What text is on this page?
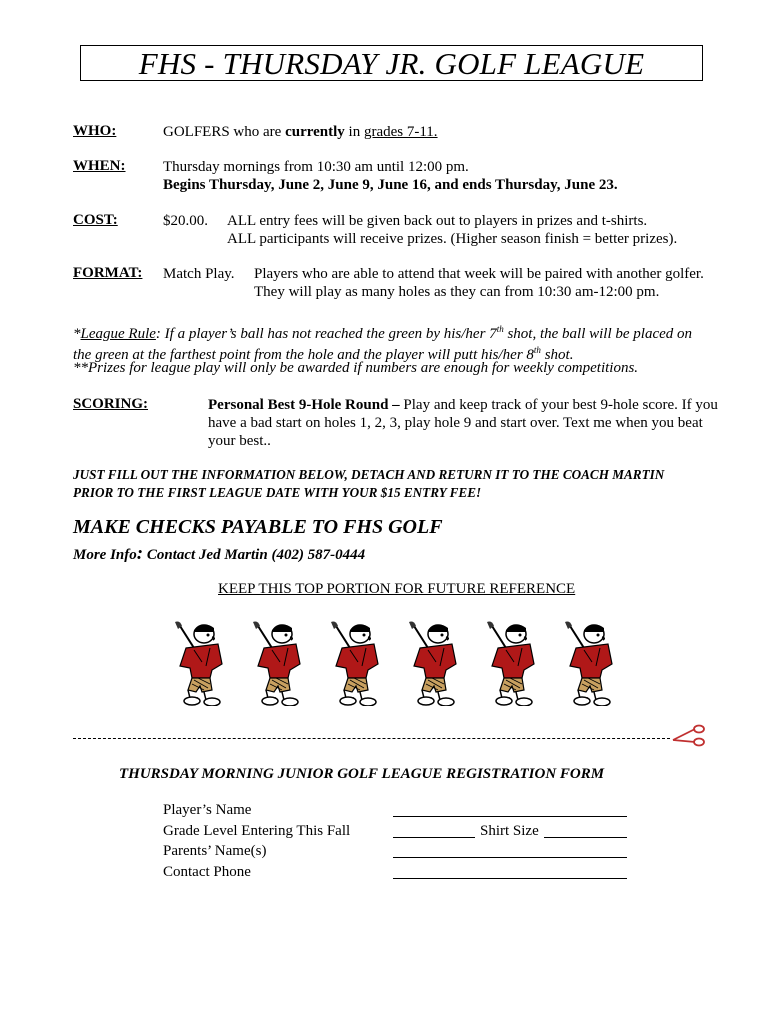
FHS - THURSDAY JR. GOLF LEAGUE
WHO:	GOLFERS who are currently in grades 7-11.
WHEN:	Thursday mornings from 10:30 am until 12:00 pm.
Begins Thursday, June 2, June 9, June 16, and ends Thursday, June 23.
COST:	$20.00. ALL entry fees will be given back out to players in prizes and t-shirts.
ALL participants will receive prizes. (Higher season finish = better prizes).
FORMAT: Match Play. Players who are able to attend that week will be paired with another golfer.
They will play as many holes as they can from 10:30 am-12:00 pm.
*League Rule: If a player’s ball has not reached the green by his/her 7th shot, the ball will be placed on
the green at the farthest point from the hole and the player will putt his/her 8th shot.
**Prizes for league play will only be awarded if numbers are enough for weekly competitions.
SCORING:	Personal Best 9-Hole Round – Play and keep track of your best 9-hole score. If you
have a bad start on holes 1, 2, 3, play hole 9 and start over. Text me when you beat
your best..
JUST FILL OUT THE INFORMATION BELOW, DETACH AND RETURN IT TO THE COACH MARTIN
PRIOR TO THE FIRST LEAGUE DATE WITH YOUR $15 ENTRY FEE!
MAKE CHECKS PAYABLE TO FHS GOLF
More Info: Contact Jed Martin (402) 587-0444
KEEP THIS TOP PORTION FOR FUTURE REFERENCE
THURSDAY MORNING JUNIOR GOLF LEAGUE REGISTRATION FORM
Player’s Name
Grade Level Entering This Fall	Shirt Size
Parents’ Name(s)
Contact Phone
